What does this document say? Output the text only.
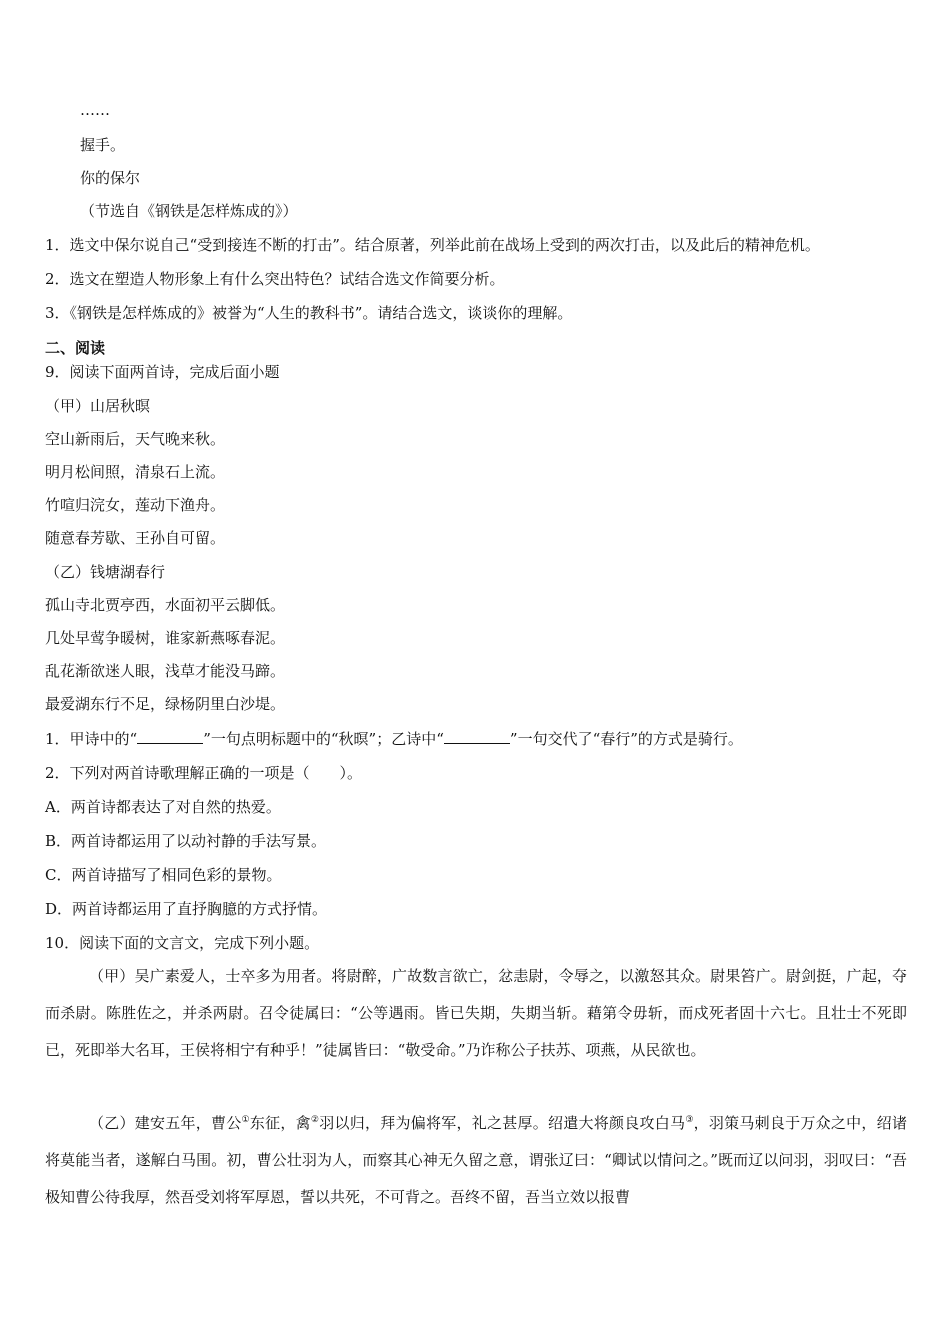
……
握手。
你的保尔
（节选自《钢铁是怎样炼成的》）
1．选文中保尔说自己“受到接连不断的打击”。结合原著，列举此前在战场上受到的两次打击，以及此后的精神危机。
2．选文在塑造人物形象上有什么突出特色？试结合选文作简要分析。
3．《钢铁是怎样炼成的》被誉为“人生的教科书”。请结合选文，谈谈你的理解。
二、阅读
9．阅读下面两首诗，完成后面小题
（甲）山居秋暝
空山新雨后，天气晚来秋。
明月松间照，清泉石上流。
竹喧归浣女，莲动下渔舟。
随意春芳歇、王孙自可留。
（乙）钱塘湖春行
孤山寺北贾亭西，水面初平云脚低。
几处早莺争暖树，谁家新燕啄春泥。
乱花渐欲迷人眼，浅草才能没马蹄。
最爱湖东行不足，绿杨阴里白沙堤。
1．甲诗中的“	”一句点明标题中的“秋暝”；乙诗中“	”一句交代了“春行”的方式是骑行。
2．下列对两首诗歌理解正确的一项是（　　）。
A．两首诗都表达了对自然的热爱。
B．两首诗都运用了以动衬静的手法写景。
C．两首诗描写了相同色彩的景物。
D．两首诗都运用了直抒胸臆的方式抒情。
10．阅读下面的文言文，完成下列小题。
（甲）吴广素爱人，士卒多为用者。将尉醉，广故数言欲亡，忿恚尉，令辱之，以激怒其众。尉果笞广。尉剑挺，广起，夺而杀尉。陈胜佐之，并杀两尉。召令徒属曰：“公等遇雨。皆已失期，失期当斩。藉第令毋斩，而戍死者固十六七。且壮士不死即已，死即举大名耳，王侯将相宁有种乎！”徒属皆曰：“敬受命。”乃诈称公子扶苏、项燕，从民欲也。
（乙）建安五年，曹公①东征，禽②羽以归，拜为偏将军，礼之甚厚。绍遣大将颜良攻白马③，羽策马刺良于万众之中，绍诸将莫能当者，遂解白马围。初，曹公壮羽为人，而察其心神无久留之意，谓张辽曰：“卿试以情问之。”既而辽以问羽，羽叹曰：“吾极知曹公待我厚，然吾受刘将军厚恩，誓以共死，不可背之。吾终不留，吾当立效以报曹
